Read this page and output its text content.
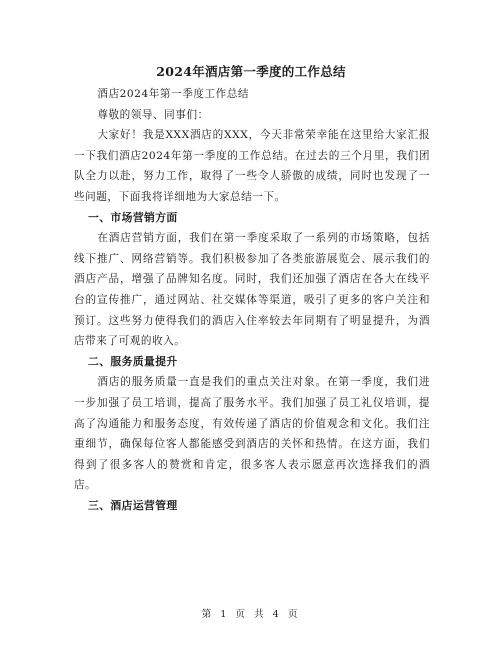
2024年酒店第一季度的工作总结

酒店2024年第一季度工作总结

尊敬的领导、同事们：

大家好！我是XXX酒店的XXX，今天非常荣幸能在这里给大家汇报一下我们酒店2024年第一季度的工作总结。在过去的三个月里，我们团队全力以赴，努力工作，取得了一些令人骄傲的成绩，同时也发现了一些问题，下面我将详细地为大家总结一下。

一、市场营销方面

在酒店营销方面，我们在第一季度采取了一系列的市场策略，包括线下推广、网络营销等。我们积极参加了各类旅游展览会、展示我们的酒店产品，增强了品牌知名度。同时，我们还加强了酒店在各大在线平台的宣传推广，通过网站、社交媒体等渠道，吸引了更多的客户关注和预订。这些努力使得我们的酒店入住率较去年同期有了明显提升，为酒店带来了可观的收入。

二、服务质量提升

酒店的服务质量一直是我们的重点关注对象。在第一季度，我们进一步加强了员工培训，提高了服务水平。我们加强了员工礼仪培训，提高了沟通能力和服务态度，有效传递了酒店的价值观念和文化。我们注重细节，确保每位客人都能感受到酒店的关怀和热情。在这方面，我们得到了很多客人的赞赏和肯定，很多客人表示愿意再次选择我们的酒店。

三、酒店运营管理
第 1 页 共 4 页
